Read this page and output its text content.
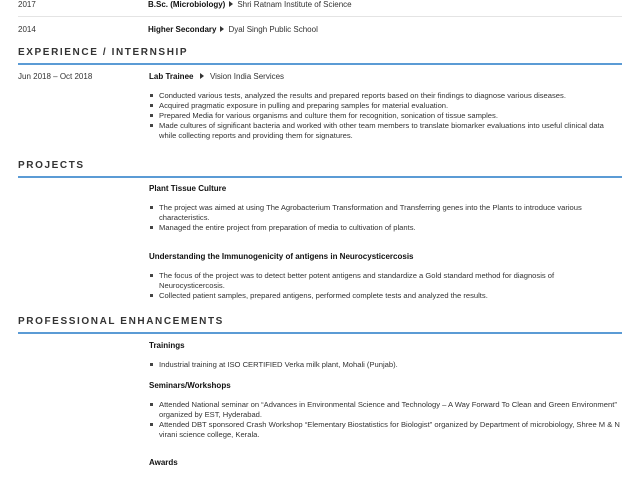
2017	B.Sc. (Microbiology) Shri Ratnam Institute of Science
2014	Higher Secondary Dyal Singh Public School
EXPERIENCE / INTERNSHIP
Jun 2018 – Oct 2018	Lab Trainee Vision India Services
Conducted various tests, analyzed the results and prepared reports based on their findings to diagnose various diseases.
Acquired pragmatic exposure in pulling and preparing samples for material evaluation.
Prepared Media for various organisms and culture them for recognition, sonication of tissue samples.
Made cultures of significant bacteria and worked with other team members to translate biomarker evaluations into useful clinical data while collecting reports and providing them for signatures.
PROJECTS
Plant Tissue Culture
The project was aimed at using The Agrobacterium Transformation and Transferring genes into the Plants to introduce various characteristics.
Managed the entire project from preparation of media to cultivation of plants.
Understanding the Immunogenicity of antigens in Neurocysticercosis
The focus of the project was to detect better potent antigens and standardize a Gold standard method for diagnosis of Neurocysticercosis.
Collected patient samples, prepared antigens, performed complete tests and analyzed the results.
PROFESSIONAL ENHANCEMENTS
Trainings
Industrial training at ISO CERTIFIED Verka milk plant, Mohali (Punjab).
Seminars/Workshops
Attended National seminar on “Advances in Environmental Science and Technology – A Way Forward To Clean and Green Environment” organized by EST, Hyderabad.
Attended DBT sponsored Crash Workshop “Elementary Biostatistics for Biologist” organized by Department of microbiology, Shree M & N virani science college, Kerala.
Awards
